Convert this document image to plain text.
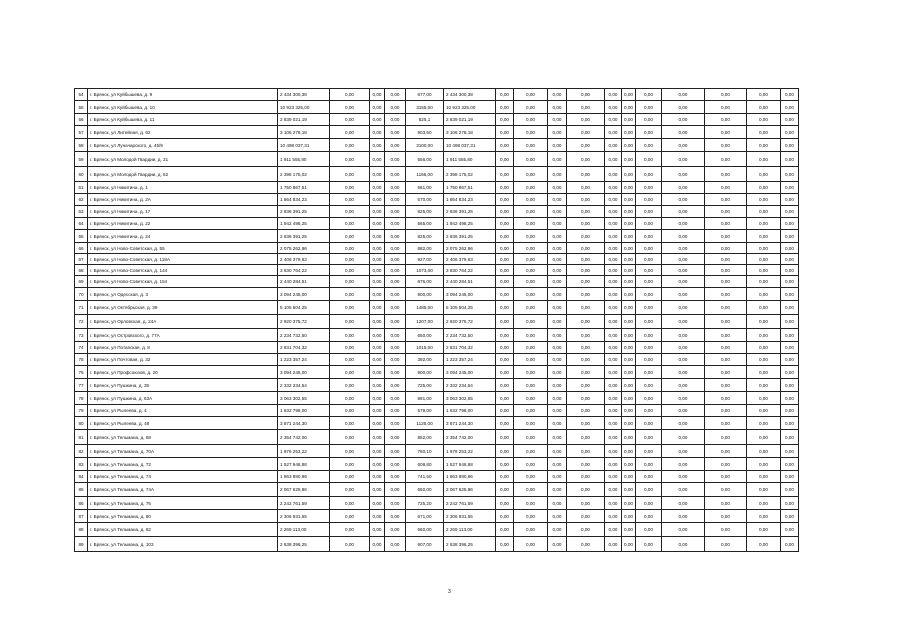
54	г. Брянск, ул Куйбышева, д. 9	2 434 300,38	0,00	0,00	0,00	677,00	2 434 300,38	0,00	0,00	0,00	0,00	0,00	0,00	0,00	0,00	0,00	0,00	0,00
55	г. Брянск, ул Куйбышева, д. 10	10 923 325,00	0,00	0,00	0,00	3155,00	10 923 325,00	0,00	0,00	0,00	0,00	0,00	0,00	0,00	0,00	0,00	0,00	0,00
56	г. Брянск, ул Куйбышева, д. 11	2 839 021,19	0,00	0,00	0,00	825,1	2 839 021,19	0,00	0,00	0,00	0,00	0,00	0,00	0,00	0,00	0,00	0,00	0,00
57	г. Брянск, ул Литейная, д. 62	3 106 278,18	0,00	0,00	0,00	903,50	3 106 278,18	0,00	0,00	0,00	0,00	0,00	0,00	0,00	0,00	0,00	0,00	0,00
58	г. Брянск, ул Луначарского, д. 45/9	10 498 037,31	0,00	0,00	0,00	3100,00	10 498 037,31	0,00	0,00	0,00	0,00	0,00	0,00	0,00	0,00	0,00	0,00	0,00
59	г. Брянск, ул Молодой Гвардии, д. 31	1 911 555,80	0,00	0,00	0,00	556,00	1 911 555,80	0,00	0,00	0,00	0,00	0,00	0,00	0,00	0,00	0,00	0,00	0,00
60	г. Брянск, ул Молодой Гвардии, д. 52	2 398 175,02	0,00	0,00	0,00	1166,00	2 398 175,02	0,00	0,00	0,00	0,00	0,00	0,00	0,00	0,00	0,00	0,00	0,00
61	г. Брянск, ул Никитина, д. 1	1 750 867,51	0,00	0,00	0,00	581,00	1 750 867,51	0,00	0,00	0,00	0,00	0,00	0,00	0,00	0,00	0,00	0,00	0,00
62	г. Брянск, ул Никитина, д. 2А	1 864 834,23	0,00	0,00	0,00	570,00	1 864 834,23	0,00	0,00	0,00	0,00	0,00	0,00	0,00	0,00	0,00	0,00	0,00
63	г. Брянск, ул Никитина, д. 17	2 836 391,25	0,00	0,00	0,00	825,00	2 836 391,25	0,00	0,00	0,00	0,00	0,00	0,00	0,00	0,00	0,00	0,00	0,00
64	г. Брянск, ул Никитина, д. 22	1 942 498,25	0,00	0,00	0,00	565,00	1 942 498,25	0,00	0,00	0,00	0,00	0,00	0,00	0,00	0,00	0,00	0,00	0,00
65	г. Брянск, ул Никитина, д. 24	2 836 391,25	0,00	0,00	0,00	825,00	2 836 391,25	0,00	0,00	0,00	0,00	0,00	0,00	0,00	0,00	0,00	0,00	0,00
66	г. Брянск, ул Ново-Советская, д. 55	2 075 262,96	0,00	0,00	0,00	882,00	2 075 262,96	0,00	0,00	0,00	0,00	0,00	0,00	0,00	0,00	0,00	0,00	0,00
67	г. Брянск, ул Ново-Советская, д. 118А	2 406 379,63	0,00	0,00	0,00	927,00	2 406 379,63	0,00	0,00	0,00	0,00	0,00	0,00	0,00	0,00	0,00	0,00	0,00
68	г. Брянск, ул Ново-Советская, д. 144	3 830 764,22	0,00	0,00	0,00	1073,00	3 830 764,22	0,00	0,00	0,00	0,00	0,00	0,00	0,00	0,00	0,00	0,00	0,00
69	г. Брянск, ул Ново-Советская, д. 154	2 440 284,51	0,00	0,00	0,00	676,00	2 440 284,51	0,00	0,00	0,00	0,00	0,00	0,00	0,00	0,00	0,00	0,00	0,00
70	г. Брянск, ул Одесская, д. 3	3 094 245,00	0,00	0,00	0,00	900,00	3 094 245,00	0,00	0,00	0,00	0,00	0,00	0,00	0,00	0,00	0,00	0,00	0,00
71	г. Брянск, ул Октябрьская, д. 39	5 105 504,25	0,00	0,00	0,00	1485,00	5 105 504,25	0,00	0,00	0,00	0,00	0,00	0,00	0,00	0,00	0,00	0,00	0,00
72	г. Брянск, ул Орловская, д. 24А	2 920 375,72	0,00	0,00	0,00	1207,00	2 920 375,72	0,00	0,00	0,00	0,00	0,00	0,00	0,00	0,00	0,00	0,00	0,00
73	г. Брянск, ул Островского, д. 77А	2 234 732,50	0,00	0,00	0,00	650,00	2 234 732,50	0,00	0,00	0,00	0,00	0,00	0,00	0,00	0,00	0,00	0,00	0,00
74	г. Брянск, ул Потапская, д. 8	2 831 704,32	0,00	0,00	0,00	1015,00	2 831 704,32	0,00	0,00	0,00	0,00	0,00	0,00	0,00	0,00	0,00	0,00	0,00
75	г. Брянск, ул Почтовая, д. 32	1 223 357,24	0,00	0,00	0,00	392,00	1 223 357,24	0,00	0,00	0,00	0,00	0,00	0,00	0,00	0,00	0,00	0,00	0,00
76	г. Брянск, ул Профсоюзов, д. 20	3 094 245,00	0,00	0,00	0,00	900,00	3 094 245,00	0,00	0,00	0,00	0,00	0,00	0,00	0,00	0,00	0,00	0,00	0,00
77	г. Брянск, ул Пушкина, д. 35	2 332 234,54	0,00	0,00	0,00	725,00	2 332 234,54	0,00	0,00	0,00	0,00	0,00	0,00	0,00	0,00	0,00	0,00	0,00
78	г. Брянск, ул Пушкина, д. 63А	3 063 302,55	0,00	0,00	0,00	891,00	3 063 302,55	0,00	0,00	0,00	0,00	0,00	0,00	0,00	0,00	0,00	0,00	0,00
79	г. Брянск, ул Рылеева, д. 4	1 632 798,00	0,00	0,00	0,00	579,00	1 632 798,00	0,00	0,00	0,00	0,00	0,00	0,00	0,00	0,00	0,00	0,00	0,00
80	г. Брянск, ул Рылеева, д. 48	3 871 244,30	0,00	0,00	0,00	1126,00	3 871 244,30	0,00	0,00	0,00	0,00	0,00	0,00	0,00	0,00	0,00	0,00	0,00
81	г. Брянск, ул Тельмана, д. 68	2 354 742,00	0,00	0,00	0,00	852,00	2 354 742,00	0,00	0,00	0,00	0,00	0,00	0,00	0,00	0,00	0,00	0,00	0,00
82	г. Брянск, ул Тельмана, д. 70А	1 976 253,22	0,00	0,00	0,00	780,10	1 976 253,22	0,00	0,00	0,00	0,00	0,00	0,00	0,00	0,00	0,00	0,00	0,00
83	г. Брянск, ул Тельмана, д. 72	1 527 946,88	0,00	0,00	0,00	608,80	1 527 946,88	0,00	0,00	0,00	0,00	0,00	0,00	0,00	0,00	0,00	0,00	0,00
84	г. Брянск, ул Тельмана, д. 74	1 863 880,96	0,00	0,00	0,00	741,50	1 863 880,96	0,00	0,00	0,00	0,00	0,00	0,00	0,00	0,00	0,00	0,00	0,00
85	г. Брянск, ул Тельмана, д. 74А	2 067 625,86	0,00	0,00	0,00	650,00	2 067 625,86	0,00	0,00	0,00	0,00	0,00	0,00	0,00	0,00	0,00	0,00	0,00
86	г. Брянск, ул Тельмана, д. 76	2 242 761,59	0,00	0,00	0,00	725,20	2 242 761,59	0,00	0,00	0,00	0,00	0,00	0,00	0,00	0,00	0,00	0,00	0,00
87	г. Брянск, ул Тельмана, д. 80	2 306 931,55	0,00	0,00	0,00	671,00	2 306 931,55	0,00	0,00	0,00	0,00	0,00	0,00	0,00	0,00	0,00	0,00	0,00
88	г. Брянск, ул Тельмана, д. 82	2 269 113,00	0,00	0,00	0,00	660,00	2 269 113,00	0,00	0,00	0,00	0,00	0,00	0,00	0,00	0,00	0,00	0,00	0,00
89	г. Брянск, ул Тельмана, д. 103	2 638 396,25	0,00	0,00	0,00	907,00	2 638 396,25	0,00	0,00	0,00	0,00	0,00	0,00	0,00	0,00	0,00	0,00	0,00
3
